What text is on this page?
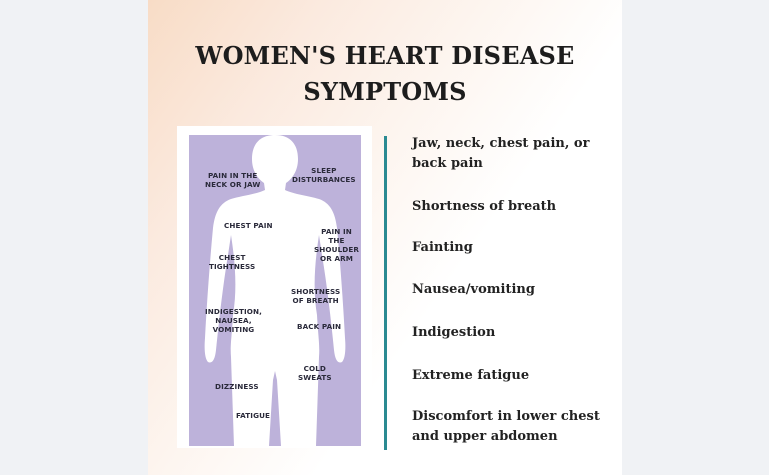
WOMEN'S HEART DISEASE
SYMPTOMS
PAIN IN THE
NECK OR JAW
SLEEP
DISTURBANCES
CHEST PAIN
PAIN IN THE
SHOULDER
OR ARM
CHEST
TIGHTNESS
SHORTNESS
OF BREATH
INDIGESTION,
NAUSEA,
VOMITING	BACK PAIN
COLD
SWEATS
DIZZINESS
FATIGUE
Jaw, neck, chest pain, or
back pain
Shortness of breath
Fainting
Nausea/vomiting
Indigestion
Extreme fatigue
Discomfort in lower chest
and upper abdomen
